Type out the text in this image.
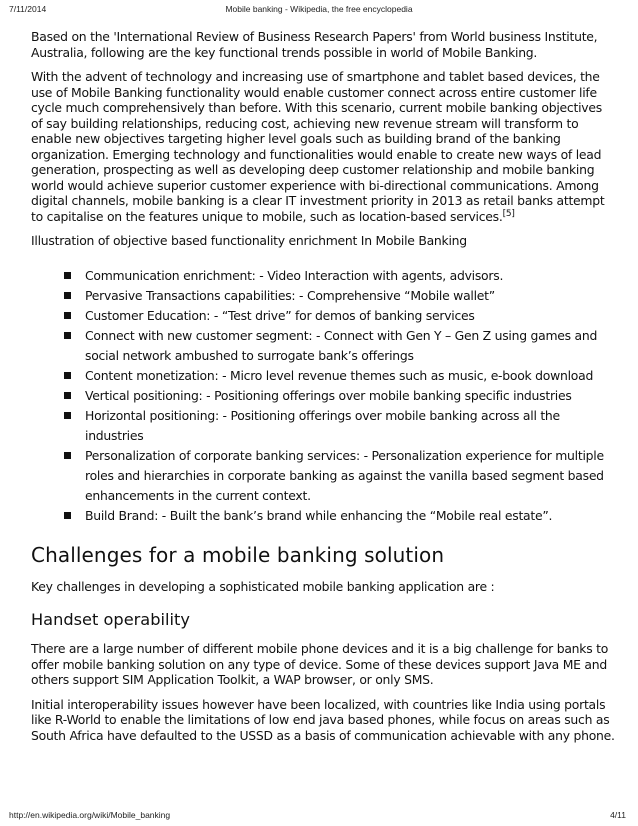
7/11/2014	Mobile banking - Wikipedia, the free encyclopedia

Based on the 'International Review of Business Research Papers' from World business Institute, Australia, following are the key functional trends possible in world of Mobile Banking.

With the advent of technology and increasing use of smartphone and tablet based devices, the use of Mobile Banking functionality would enable customer connect across entire customer life cycle much comprehensively than before. With this scenario, current mobile banking objectives of say building relationships, reducing cost, achieving new revenue stream will transform to enable new objectives targeting higher level goals such as building brand of the banking organization. Emerging technology and functionalities would enable to create new ways of lead generation, prospecting as well as developing deep customer relationship and mobile banking world would achieve superior customer experience with bi-directional communications. Among digital channels, mobile banking is a clear IT investment priority in 2013 as retail banks attempt to capitalise on the features unique to mobile, such as location-based services.[5]

Illustration of objective based functionality enrichment In Mobile Banking

Communication enrichment: - Video Interaction with agents, advisors.
Pervasive Transactions capabilities: - Comprehensive “Mobile wallet”
Customer Education: - “Test drive” for demos of banking services
Connect with new customer segment: - Connect with Gen Y – Gen Z using games and social network ambushed to surrogate bank’s offerings
Content monetization: - Micro level revenue themes such as music, e-book download
Vertical positioning: - Positioning offerings over mobile banking specific industries
Horizontal positioning: - Positioning offerings over mobile banking across all the industries
Personalization of corporate banking services: - Personalization experience for multiple roles and hierarchies in corporate banking as against the vanilla based segment based enhancements in the current context.
Build Brand: - Built the bank’s brand while enhancing the “Mobile real estate”.
Challenges for a mobile banking solution

Key challenges in developing a sophisticated mobile banking application are :

Handset operability

There are a large number of different mobile phone devices and it is a big challenge for banks to offer mobile banking solution on any type of device. Some of these devices support Java ME and others support SIM Application Toolkit, a WAP browser, or only SMS.

Initial interoperability issues however have been localized, with countries like India using portals like R-World to enable the limitations of low end java based phones, while focus on areas such as South Africa have defaulted to the USSD as a basis of communication achievable with any phone.

http://en.wikipedia.org/wiki/Mobile_banking	4/11
